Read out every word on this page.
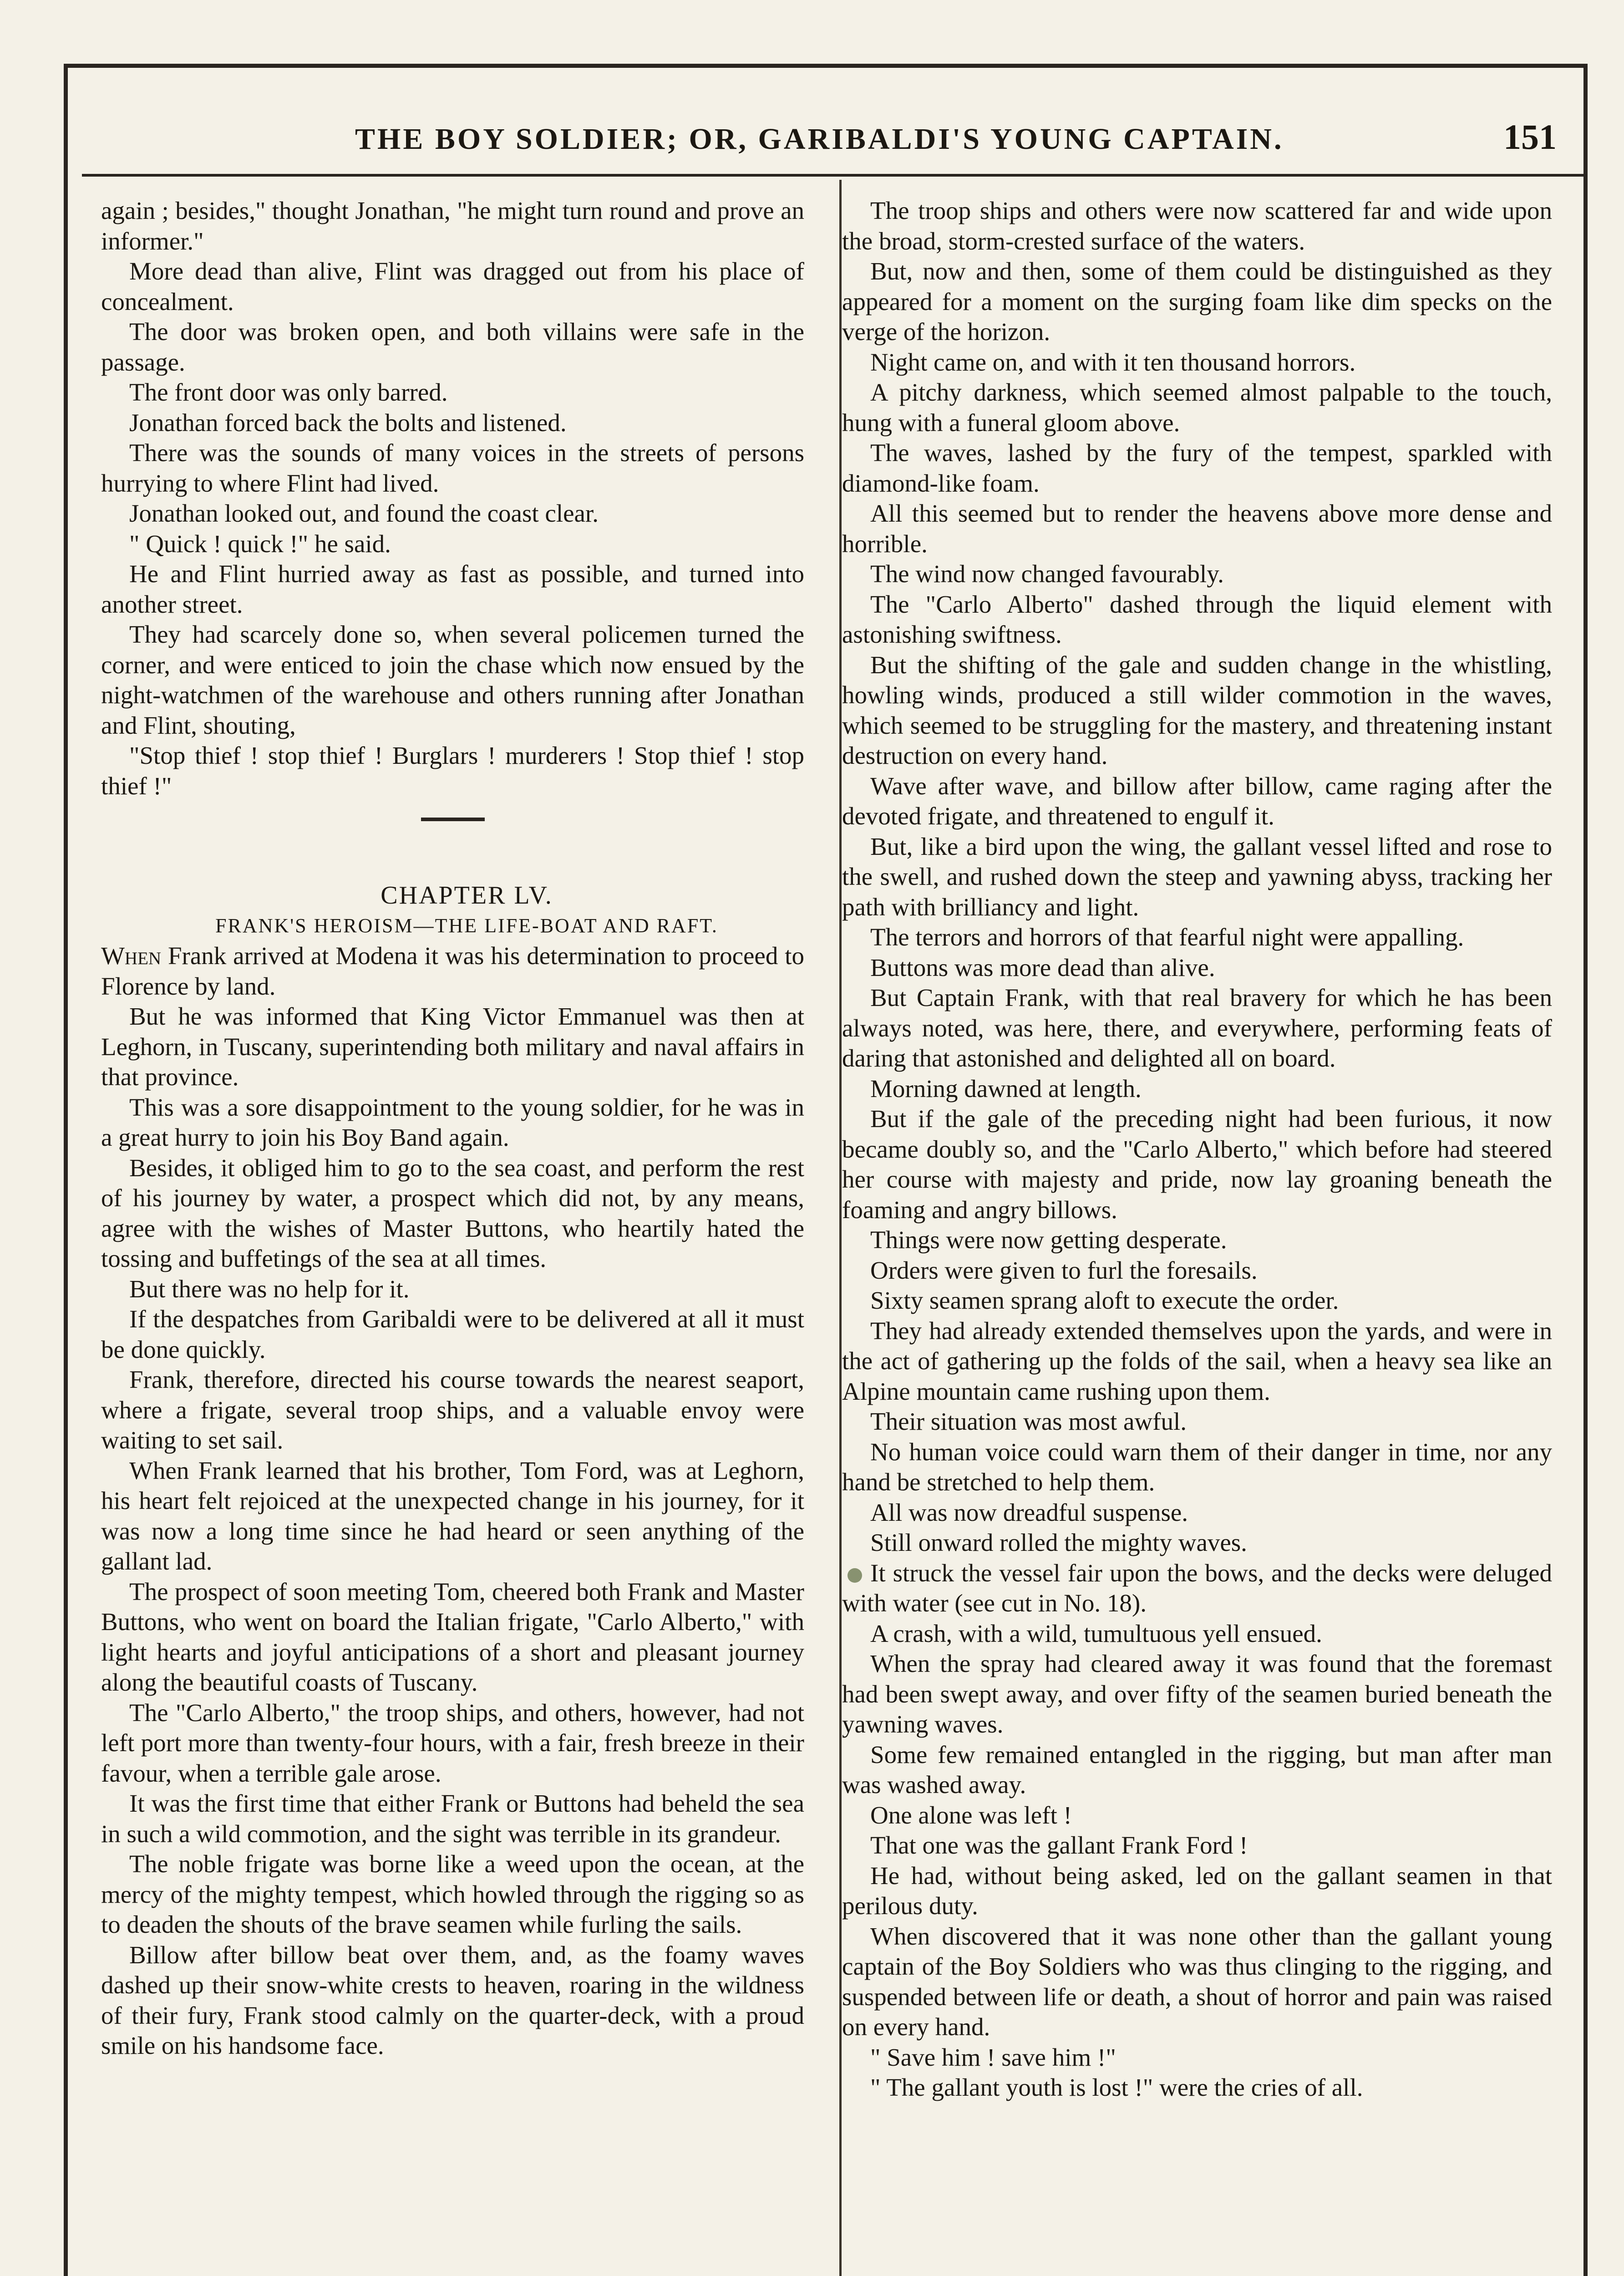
THE BOY SOLDIER; OR, GARIBALDI'S YOUNG CAPTAIN.	151

again ; besides," thought Jonathan, "he might turn round and prove an informer."

More dead than alive, Flint was dragged out from his place of concealment.

The door was broken open, and both villains were safe in the passage.

The front door was only barred.

Jonathan forced back the bolts and listened.

There was the sounds of many voices in the streets of persons hurrying to where Flint had lived.

Jonathan looked out, and found the coast clear.

" Quick ! quick !" he said.

He and Flint hurried away as fast as possible, and turned into another street.

They had scarcely done so, when several policemen turned the corner, and were enticed to join the chase which now ensued by the night-watchmen of the warehouse and others running after Jonathan and Flint, shouting,

"Stop thief ! stop thief ! Burglars ! murderers ! Stop thief ! stop thief !"

CHAPTER LV.

FRANK'S HEROISM—THE LIFE-BOAT AND RAFT.

When Frank arrived at Modena it was his determination to proceed to Florence by land.

But he was informed that King Victor Emmanuel was then at Leghorn, in Tuscany, superintending both military and naval affairs in that province.

This was a sore disappointment to the young soldier, for he was in a great hurry to join his Boy Band again.

Besides, it obliged him to go to the sea coast, and perform the rest of his journey by water, a prospect which did not, by any means, agree with the wishes of Master Buttons, who heartily hated the tossing and buffetings of the sea at all times.

But there was no help for it.

If the despatches from Garibaldi were to be delivered at all it must be done quickly.

Frank, therefore, directed his course towards the nearest seaport, where a frigate, several troop ships, and a valuable envoy were waiting to set sail.

When Frank learned that his brother, Tom Ford, was at Leghorn, his heart felt rejoiced at the unexpected change in his journey, for it was now a long time since he had heard or seen anything of the gallant lad.

The prospect of soon meeting Tom, cheered both Frank and Master Buttons, who went on board the Italian frigate, "Carlo Alberto," with light hearts and joyful anticipations of a short and pleasant journey along the beautiful coasts of Tuscany.

The "Carlo Alberto," the troop ships, and others, however, had not left port more than twenty-four hours, with a fair, fresh breeze in their favour, when a terrible gale arose.

It was the first time that either Frank or Buttons had beheld the sea in such a wild commotion, and the sight was terrible in its grandeur.

The noble frigate was borne like a weed upon the ocean, at the mercy of the mighty tempest, which howled through the rigging so as to deaden the shouts of the brave seamen while furling the sails.

Billow after billow beat over them, and, as the foamy waves dashed up their snow-white crests to heaven, roaring in the wildness of their fury, Frank stood calmly on the quarter-deck, with a proud smile on his handsome face.

The troop ships and others were now scattered far and wide upon the broad, storm-crested surface of the waters.

But, now and then, some of them could be distinguished as they appeared for a moment on the surging foam like dim specks on the verge of the horizon.

Night came on, and with it ten thousand horrors.

A pitchy darkness, which seemed almost palpable to the touch, hung with a funeral gloom above.

The waves, lashed by the fury of the tempest, sparkled with diamond-like foam.

All this seemed but to render the heavens above more dense and horrible.

The wind now changed favourably.

The "Carlo Alberto" dashed through the liquid element with astonishing swiftness.

But the shifting of the gale and sudden change in the whistling, howling winds, produced a still wilder commotion in the waves, which seemed to be struggling for the mastery, and threatening instant destruction on every hand.

Wave after wave, and billow after billow, came raging after the devoted frigate, and threatened to engulf it.

But, like a bird upon the wing, the gallant vessel lifted and rose to the swell, and rushed down the steep and yawning abyss, tracking her path with brilliancy and light.

The terrors and horrors of that fearful night were appalling.

Buttons was more dead than alive.

But Captain Frank, with that real bravery for which he has been always noted, was here, there, and everywhere, performing feats of daring that astonished and delighted all on board.

Morning dawned at length.

But if the gale of the preceding night had been furious, it now became doubly so, and the "Carlo Alberto," which before had steered her course with majesty and pride, now lay groaning beneath the foaming and angry billows.

Things were now getting desperate.

Orders were given to furl the foresails.

Sixty seamen sprang aloft to execute the order.

They had already extended themselves upon the yards, and were in the act of gathering up the folds of the sail, when a heavy sea like an Alpine mountain came rushing upon them.

Their situation was most awful.

No human voice could warn them of their danger in time, nor any hand be stretched to help them.

All was now dreadful suspense.

Still onward rolled the mighty waves.

It struck the vessel fair upon the bows, and the decks were deluged with water (see cut in No. 18).

A crash, with a wild, tumultuous yell ensued.

When the spray had cleared away it was found that the foremast had been swept away, and over fifty of the seamen buried beneath the yawning waves.

Some few remained entangled in the rigging, but man after man was washed away.

One alone was left !

That one was the gallant Frank Ford !

He had, without being asked, led on the gallant seamen in that perilous duty.

When discovered that it was none other than the gallant young captain of the Boy Soldiers who was thus clinging to the rigging, and suspended between life or death, a shout of horror and pain was raised on every hand.

" Save him ! save him !"

" The gallant youth is lost !" were the cries of all.
